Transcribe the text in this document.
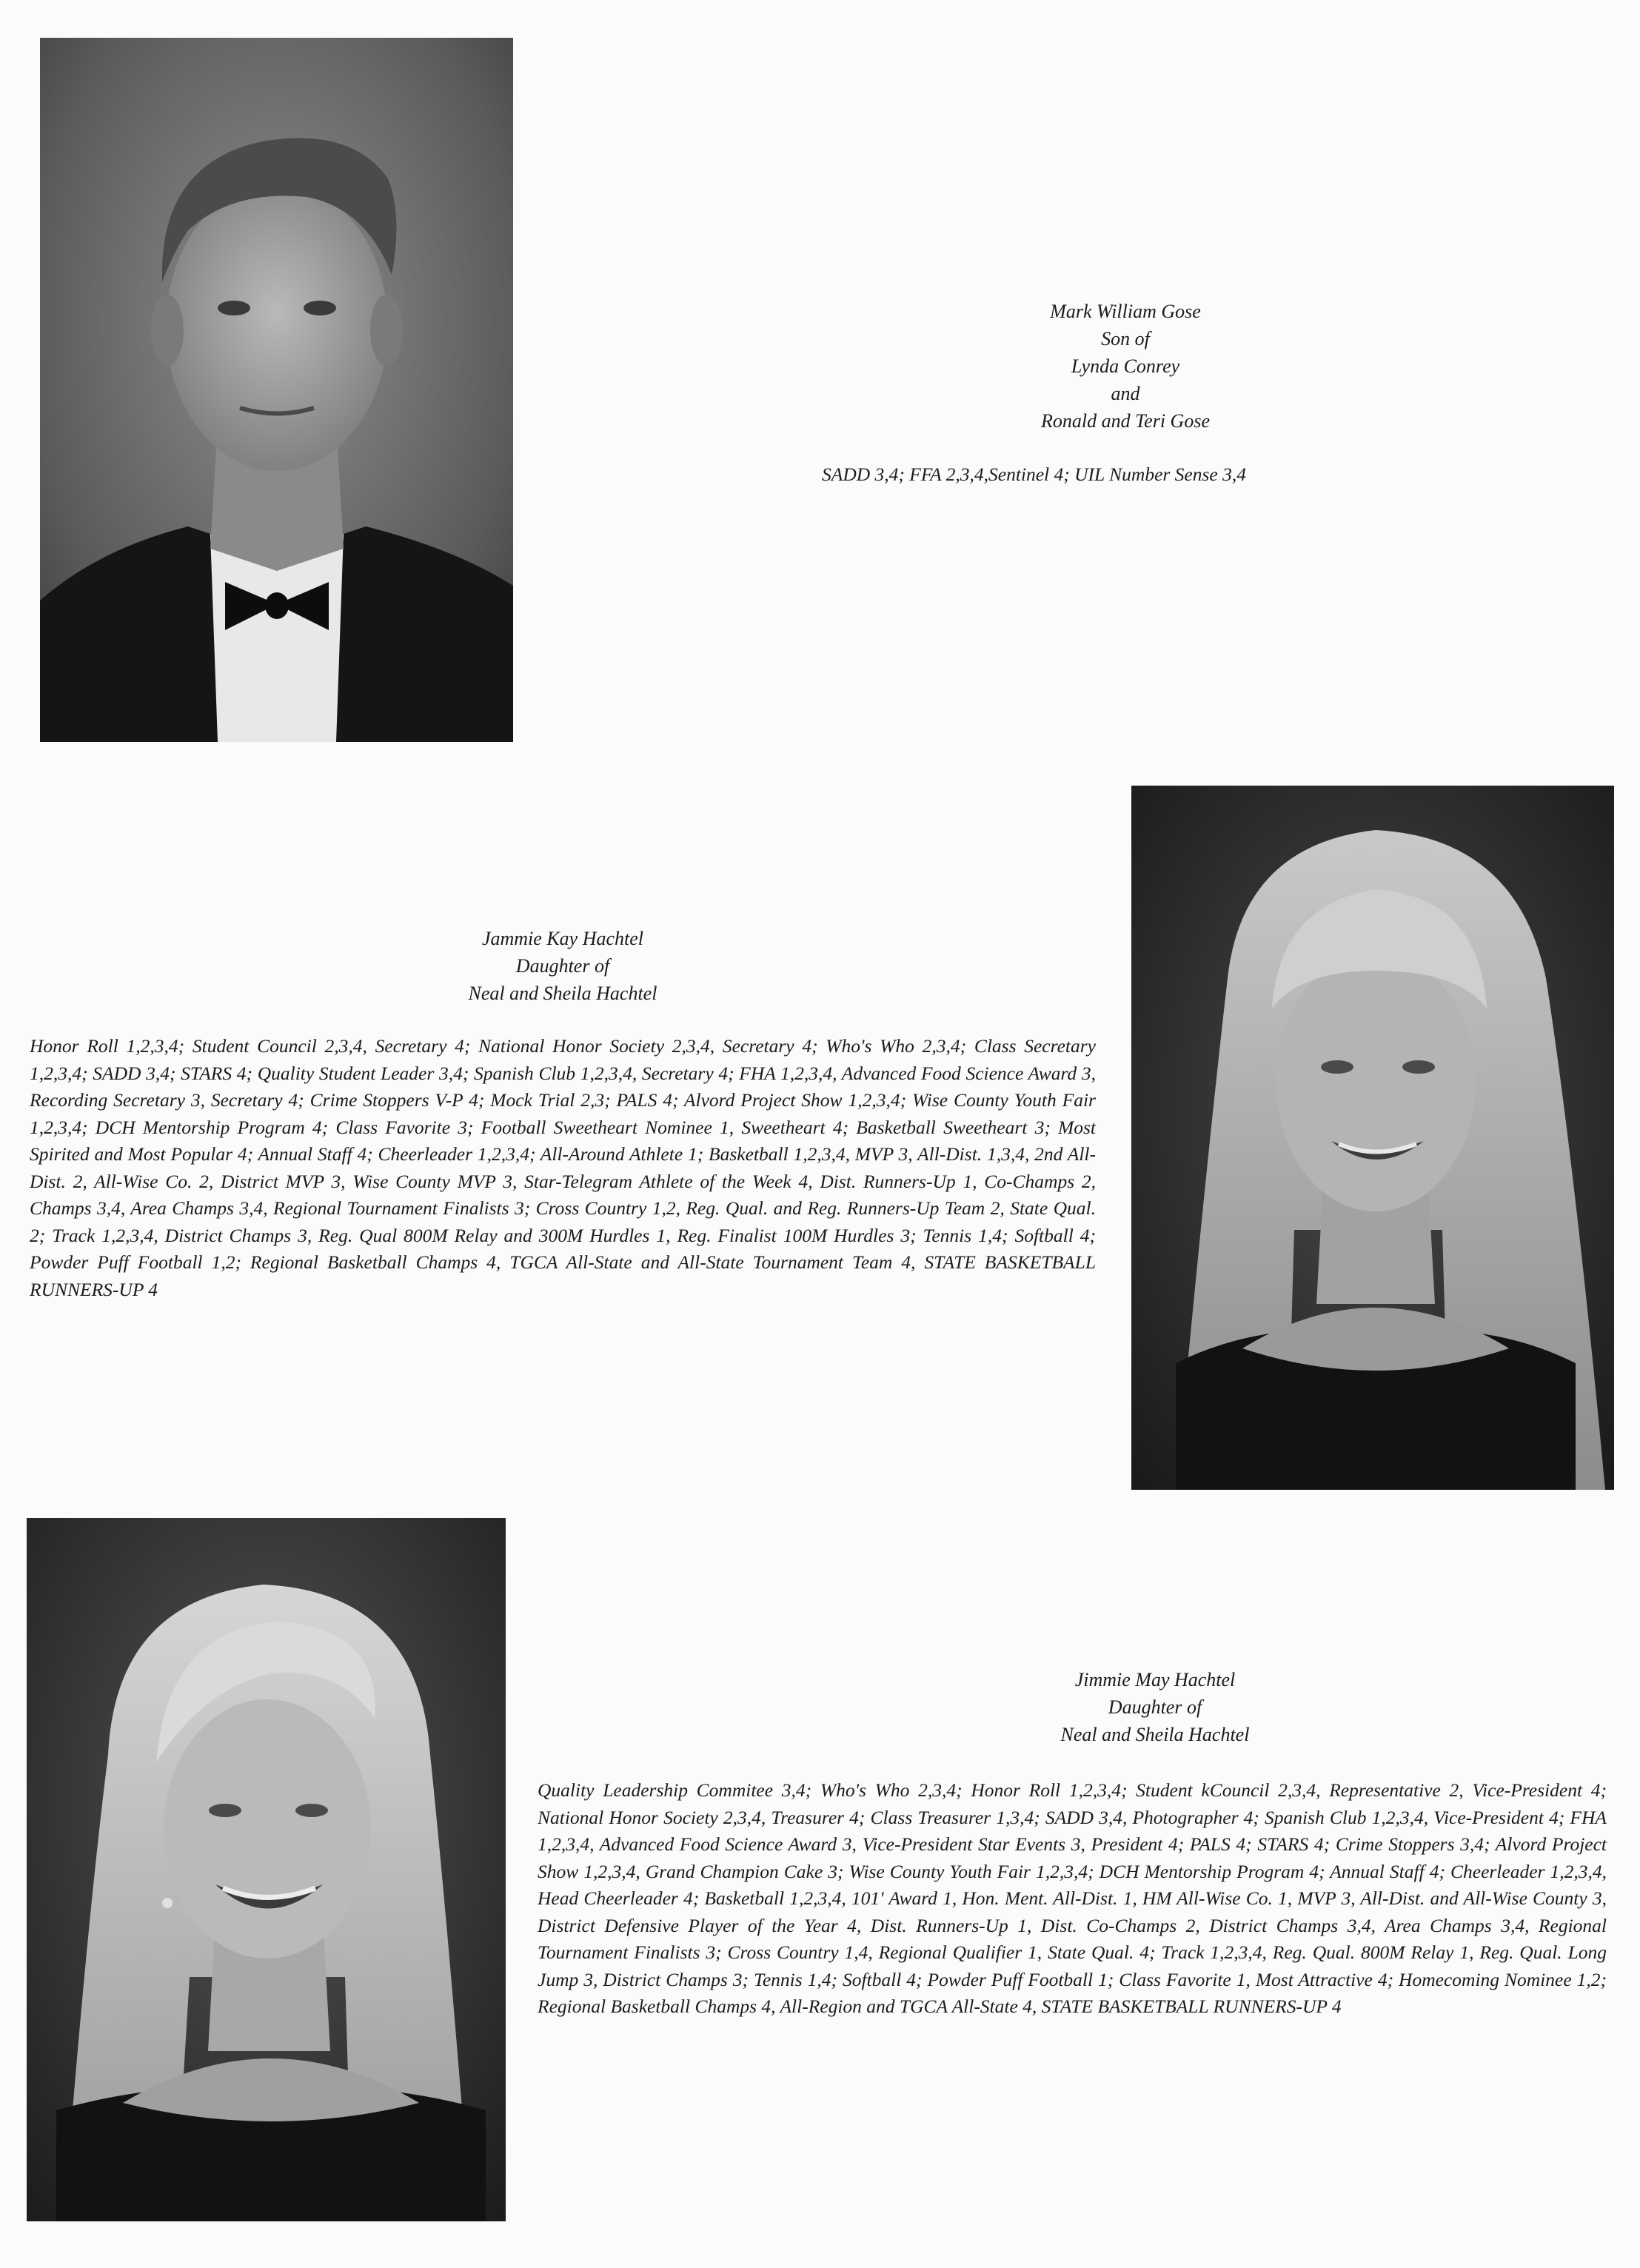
Mark William Gose
Son of
Lynda Conrey
and
Ronald and Teri Gose
SADD 3,4; FFA 2,3,4,Sentinel 4; UIL Number Sense 3,4
Jammie Kay Hachtel
Daughter of
Neal and Sheila Hachtel
Honor Roll 1,2,3,4; Student Council 2,3,4, Secretary 4; National Honor Society 2,3,4, Secretary 4; Who's Who 2,3,4; Class Secretary 1,2,3,4; SADD 3,4; STARS 4; Quality Student Leader 3,4; Spanish Club 1,2,3,4, Secretary 4; FHA 1,2,3,4, Advanced Food Science Award 3, Recording Secretary 3, Secretary 4; Crime Stoppers V-P 4; Mock Trial 2,3; PALS 4; Alvord Project Show 1,2,3,4; Wise County Youth Fair 1,2,3,4; DCH Mentorship Program 4; Class Favorite 3; Football Sweetheart Nominee 1, Sweetheart 4; Basketball Sweetheart 3; Most Spirited and Most Popular 4; Annual Staff 4; Cheerleader 1,2,3,4; All-Around Athlete 1; Basketball 1,2,3,4, MVP 3, All-Dist. 1,3,4, 2nd All-Dist. 2, All-Wise Co. 2, District MVP 3, Wise County MVP 3, Star-Telegram Athlete of the Week 4, Dist. Runners-Up 1, Co-Champs 2, Champs 3,4, Area Champs 3,4, Regional Tournament Finalists 3; Cross Country 1,2, Reg. Qual. and Reg. Runners-Up Team 2, State Qual. 2; Track 1,2,3,4, District Champs 3, Reg. Qual 800M Relay and 300M Hurdles 1, Reg. Finalist 100M Hurdles 3; Tennis 1,4; Softball 4; Powder Puff Football 1,2; Regional Basketball Champs 4, TGCA All-State and All-State Tournament Team 4, STATE BASKETBALL RUNNERS-UP 4
Jimmie May Hachtel
Daughter of
Neal and Sheila Hachtel
Quality Leadership Commitee 3,4; Who's Who 2,3,4; Honor Roll 1,2,3,4; Student kCouncil 2,3,4, Representative 2, Vice-President 4; National Honor Society 2,3,4, Treasurer 4; Class Treasurer 1,3,4; SADD 3,4, Photographer 4; Spanish Club 1,2,3,4, Vice-President 4; FHA 1,2,3,4, Advanced Food Science Award 3, Vice-President Star Events 3, President 4; PALS 4; STARS 4; Crime Stoppers 3,4; Alvord Project Show 1,2,3,4, Grand Champion Cake 3; Wise County Youth Fair 1,2,3,4; DCH Mentorship Program 4; Annual Staff 4; Cheerleader 1,2,3,4, Head Cheerleader 4; Basketball 1,2,3,4, 101' Award 1, Hon. Ment. All-Dist. 1, HM All-Wise Co. 1, MVP 3, All-Dist. and All-Wise County 3, District Defensive Player of the Year 4, Dist. Runners-Up 1, Dist. Co-Champs 2, District Champs 3,4, Area Champs 3,4, Regional Tournament Finalists 3; Cross Country 1,4, Regional Qualifier 1, State Qual. 4; Track 1,2,3,4, Reg. Qual. 800M Relay 1, Reg. Qual. Long Jump 3, District Champs 3; Tennis 1,4; Softball 4; Powder Puff Football 1; Class Favorite 1, Most Attractive 4; Homecoming Nominee 1,2; Regional Basketball Champs 4, All-Region and TGCA All-State 4, STATE BASKETBALL RUNNERS-UP 4
